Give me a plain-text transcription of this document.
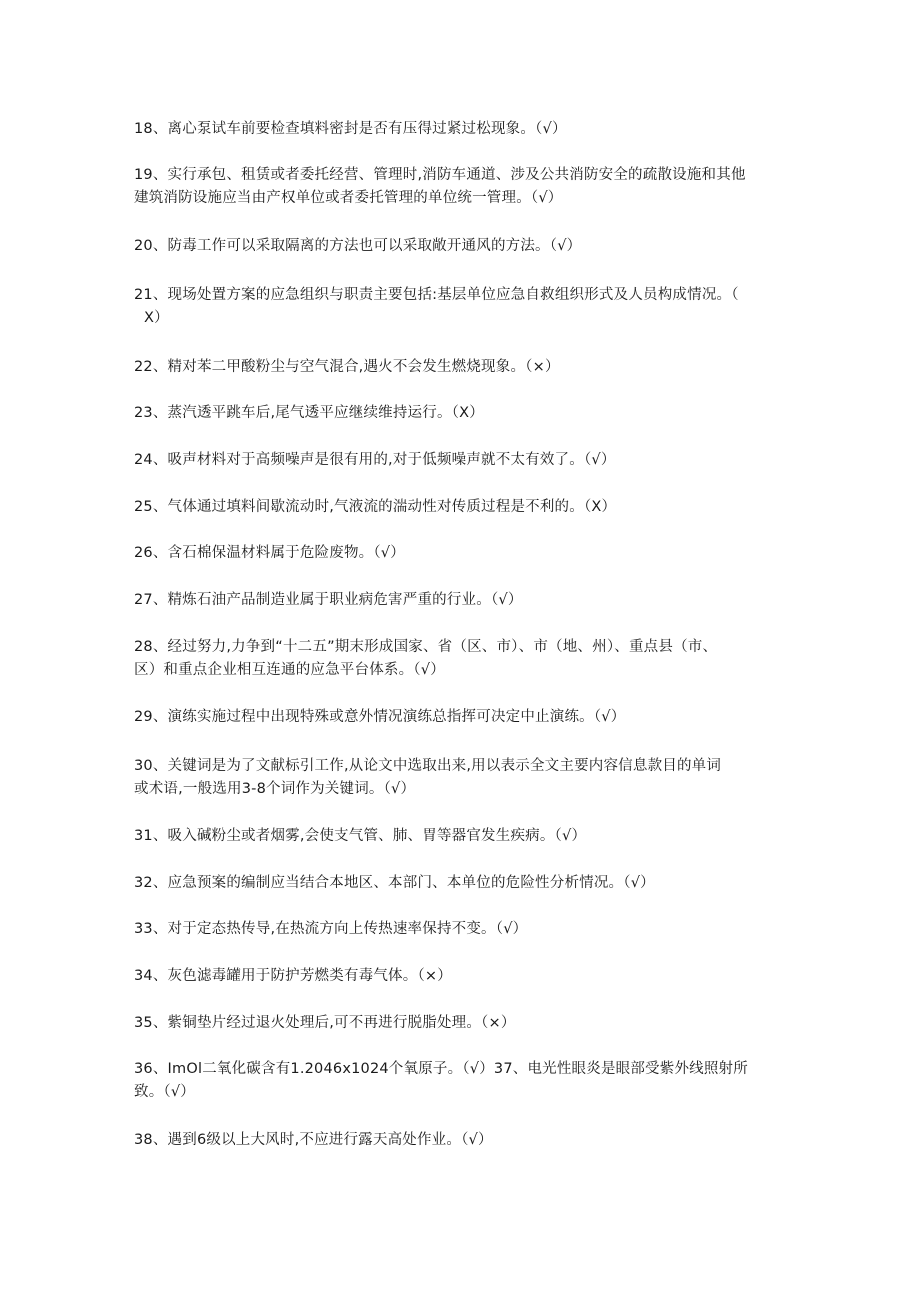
18、离心泵试车前要检查填料密封是否有压得过紧过松现象。（√）
19、实行承包、租赁或者委托经营、管理时,消防车通道、涉及公共消防安全的疏散设施和其他
建筑消防设施应当由产权单位或者委托管理的单位统一管理。（√）
20、防毒工作可以采取隔离的方法也可以采取敞开通风的方法。（√）
21、现场处置方案的应急组织与职责主要包括:基层单位应急自救组织形式及人员构成情况。（
X）
22、精对苯二甲酸粉尘与空气混合,遇火不会发生燃烧现象。（×）
23、蒸汽透平跳车后,尾气透平应继续维持运行。（X）
24、吸声材料对于高频噪声是很有用的,对于低频噪声就不太有效了。（√）
25、气体通过填料间歇流动时,气液流的湍动性对传质过程是不利的。（X）
26、含石棉保温材料属于危险废物。（√）
27、精炼石油产品制造业属于职业病危害严重的行业。（√）
28、经过努力,力争到“十二五”期末形成国家、省（区、市）、市（地、州）、重点县（市、
区）和重点企业相互连通的应急平台体系。（√）
29、演练实施过程中出现特殊或意外情况演练总指挥可决定中止演练。（√）
30、关键词是为了文献标引工作,从论文中选取出来,用以表示全文主要内容信息款目的单词
或术语,一般选用3-8个词作为关键词。（√）
31、吸入碱粉尘或者烟雾,会使支气管、肺、胃等器官发生疾病。（√）
32、应急预案的编制应当结合本地区、本部门、本单位的危险性分析情况。（√）
33、对于定态热传导,在热流方向上传热速率保持不变。（√）
34、灰色滤毒罐用于防护芳燃类有毒气体。（×）
35、紫铜垫片经过退火处理后,可不再进行脱脂处理。（×）
36、ImOl二氧化碳含有1.2046x1024个氧原子。（√）37、电光性眼炎是眼部受紫外线照射所
致。（√）
38、遇到6级以上大风时,不应进行露天高处作业。（√）
